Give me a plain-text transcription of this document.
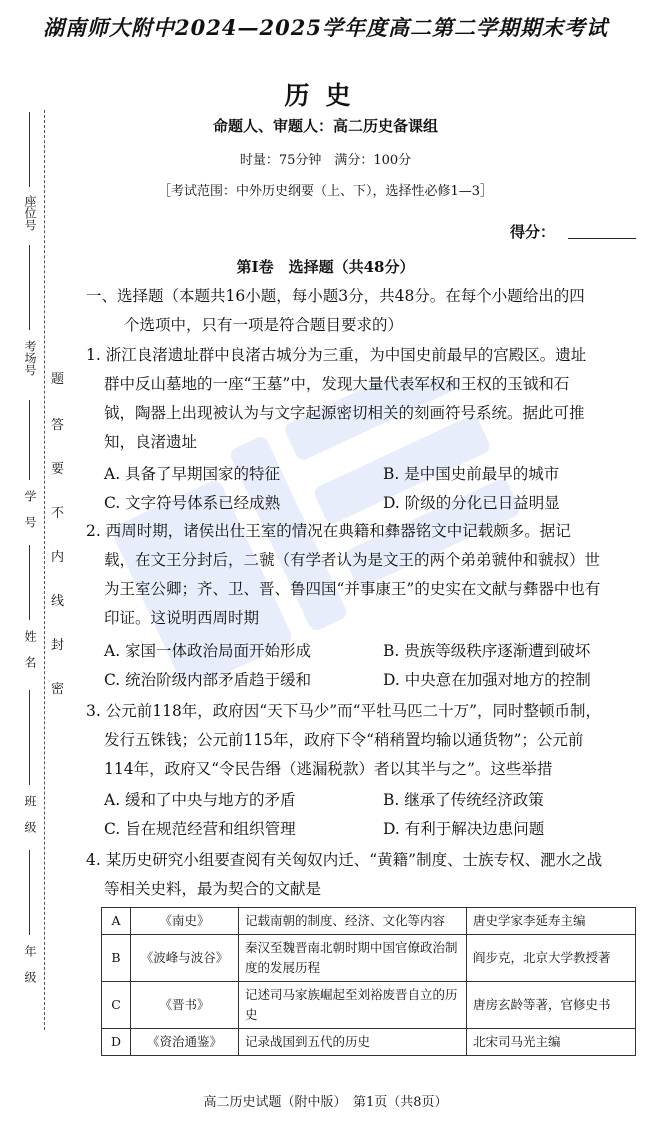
座位号
考场号
学号
姓名
班级
年级
题
答
要
不
内
线
封
密
湖南师大附中2024—2025学年度高二第二学期期末考试
历史
命题人、审题人：高二历史备课组
时量：75分钟　满分：100分
［考试范围：中外历史纲要（上、下），选择性必修1—3］
得分：
第Ⅰ卷　选择题（共48分）
一、选择题（本题共16小题，每小题3分，共48分。在每个小题给出的四
个选项中，只有一项是符合题目要求的）
1. 浙江良渚遗址群中良渚古城分为三重，为中国史前最早的宫殿区。遗址
群中反山墓地的一座“王墓”中，发现大量代表军权和王权的玉钺和石
钺，陶器上出现被认为与文字起源密切相关的刻画符号系统。据此可推
知，良渚遗址
A. 具备了早期国家的特征	B. 是中国史前最早的城市
C. 文字符号体系已经成熟	D. 阶级的分化已日益明显
2. 西周时期，诸侯出仕王室的情况在典籍和彝器铭文中记载颇多。据记
载，在文王分封后，二虢（有学者认为是文王的两个弟弟虢仲和虢叔）世
为王室公卿；齐、卫、晋、鲁四国“并事康王”的史实在文献与彝器中也有
印证。这说明西周时期
A. 家国一体政治局面开始形成	B. 贵族等级秩序逐渐遭到破坏
C. 统治阶级内部矛盾趋于缓和	D. 中央意在加强对地方的控制
3. 公元前118年，政府因“天下马少”而“平牡马匹二十万”，同时整顿币制，
发行五铢钱；公元前115年，政府下令“稍稍置均输以通货物”；公元前
114年，政府又“令民告缗（逃漏税款）者以其半与之”。这些举措
A. 缓和了中央与地方的矛盾	B. 继承了传统经济政策
C. 旨在规范经营和组织管理	D. 有利于解决边患问题
4. 某历史研究小组要查阅有关匈奴内迁、“黄籍”制度、士族专权、淝水之战
等相关史料，最为契合的文献是
A	《南史》	记载南朝的制度、经济、文化等内容	唐史学家李延寿主编
B	《波峰与波谷》	秦汉至魏晋南北朝时期中国官僚政治制度的发展历程	阎步克，北京大学教授著
C	《晋书》	记述司马家族崛起至刘裕废晋自立的历史	唐房玄龄等著，官修史书
D	《资治通鉴》	记录战国到五代的历史	北宋司马光主编
高二历史试题（附中版）　第1页（共8页）
